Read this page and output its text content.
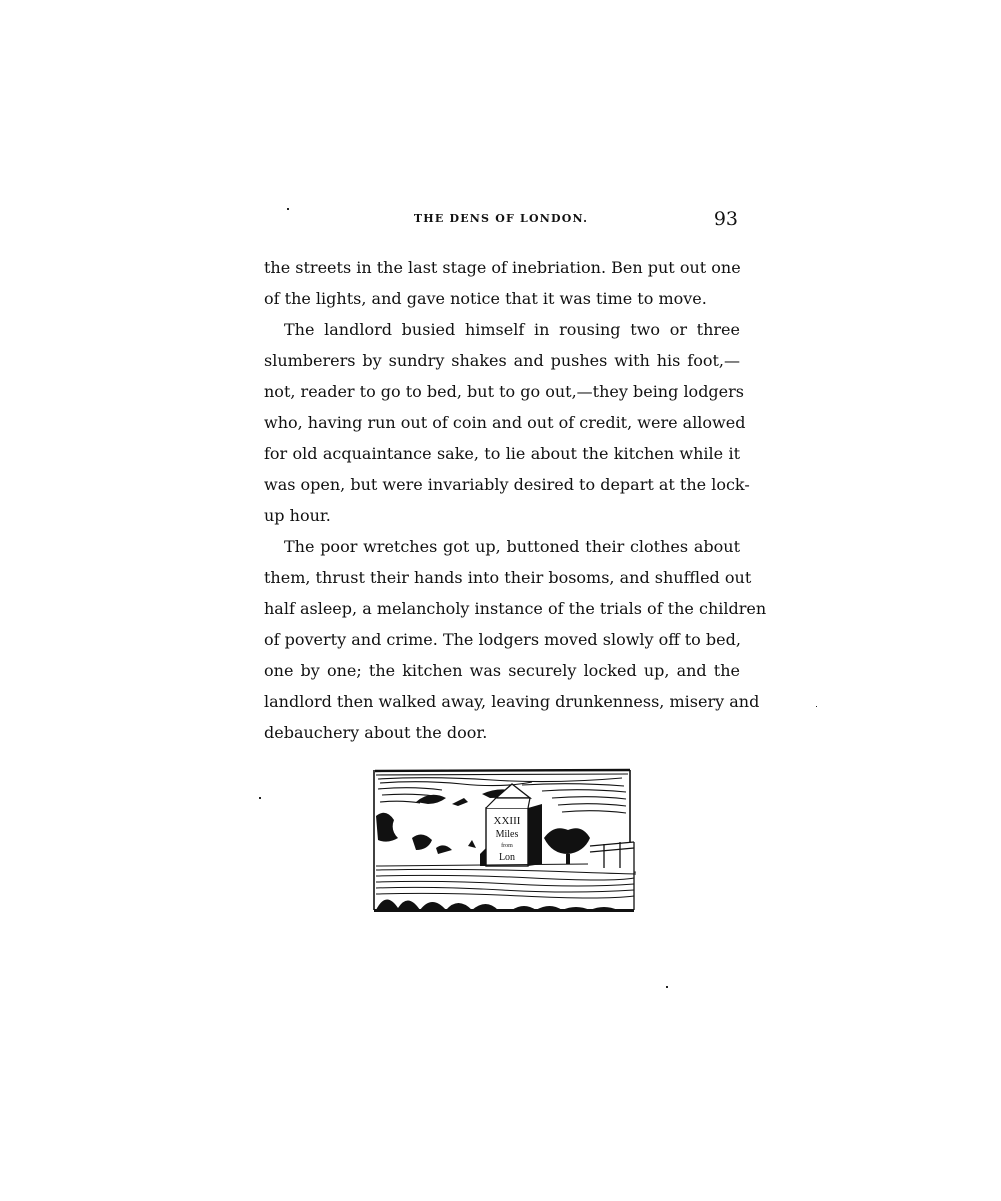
THE DENS OF LONDON.	93

the streets in the last stage of inebriation. Ben put out one
of the lights, and gave notice that it was time to move.

The landlord busied himself in rousing two or three
slumberers by sundry shakes and pushes with his foot,—
not, reader to go to bed, but to go out,—they being lodgers
who, having run out of coin and out of credit, were allowed
for old acquaintance sake, to lie about the kitchen while it
was open, but were invariably desired to depart at the lock-
up hour.

The poor wretches got up, buttoned their clothes about
them, thrust their hands into their bosoms, and shuffled out
half asleep, a melancholy instance of the trials of the children
of poverty and crime. The lodgers moved slowly off to bed,
one by one; the kitchen was securely locked up, and the
landlord then walked away, leaving drunkenness, misery and
debauchery about the door.

XXIII
Miles
from
Lon
